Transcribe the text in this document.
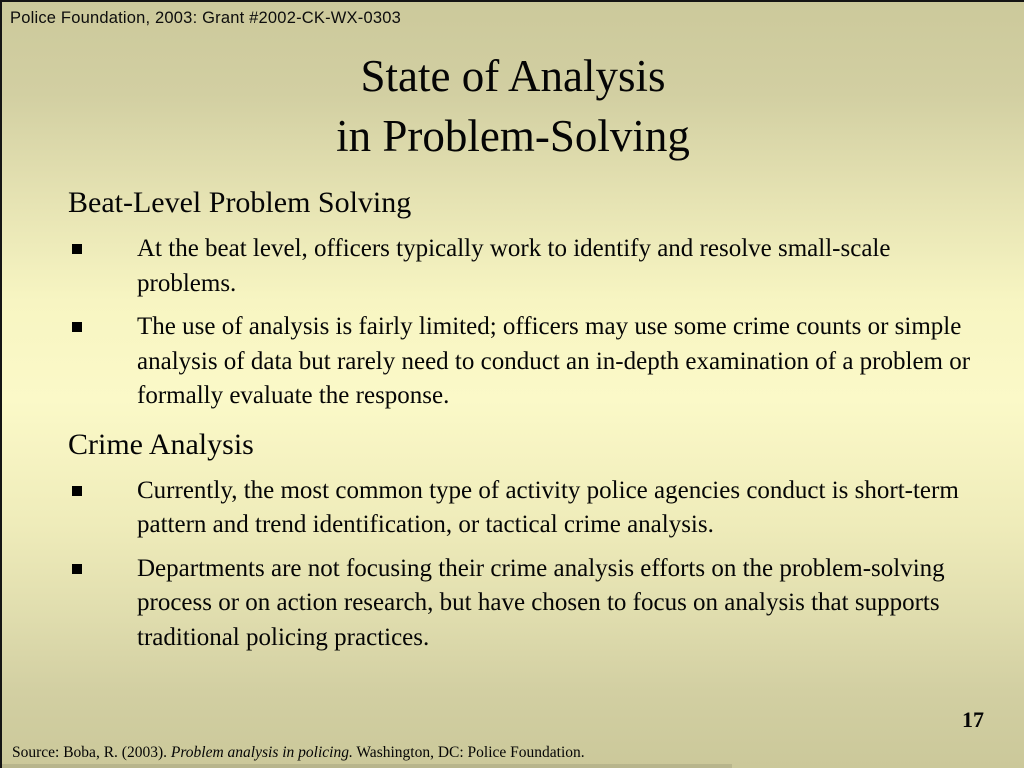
Police Foundation, 2003: Grant #2002-CK-WX-0303
State of Analysis
in Problem-Solving
Beat-Level Problem Solving
At the beat level, officers typically work to identify and resolve small-scale problems.
The use of analysis is fairly limited; officers may use some crime counts or simple analysis of data but rarely need to conduct an in-depth examination of a problem or formally evaluate the response.
Crime Analysis
Currently, the most common type of activity police agencies conduct is short-term pattern and trend identification, or tactical crime analysis.
Departments are not focusing their crime analysis efforts on the problem-solving process or on action research, but have chosen to focus on analysis that supports traditional policing practices.
17
Source: Boba, R. (2003). Problem analysis in policing. Washington, DC: Police Foundation.
